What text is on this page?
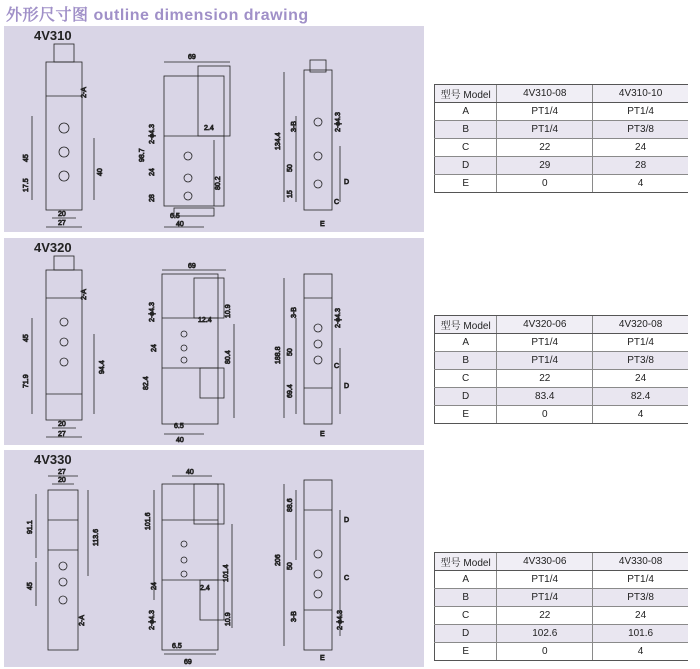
外形尺寸图 outline dimension drawing
4V310
2-A
45
17.5
40
20
27
69
2-ϕ4.3
98.7
24
28
2.4
80.2
6.5
40
2-ϕ4.3
3-B
134.4
50
15
D
C
E
4V320
2-A
45
71.9
94.4
20
27
69
2-ϕ4.3
82.4
24
80.4
12.4
10.9
6.5
40
2-ϕ4.3
3-B
188.8 50
69.4	D
C
E
4V330
27
20
91.1
45
113.6
2-A
40
101.6
24
2-ϕ4.3
101.4
2.4
10.9
6.5
69
88.6
206
50
3-B	2-ϕ4.3
D
C
E
型号 Model	4V310-08	4V310-10
A	PT1/4	PT1/4
B	PT1/4	PT3/8
C	22	24
D	29	28
E	0	4
型号 Model	4V320-06	4V320-08
A	PT1/4	PT1/4
B	PT1/4	PT3/8
C	22	24
D	83.4	82.4
E	0	4
型号 Model	4V330-06	4V330-08
A	PT1/4	PT1/4
B	PT1/4	PT3/8
C	22	24
D	102.6	101.6
E	0	4
